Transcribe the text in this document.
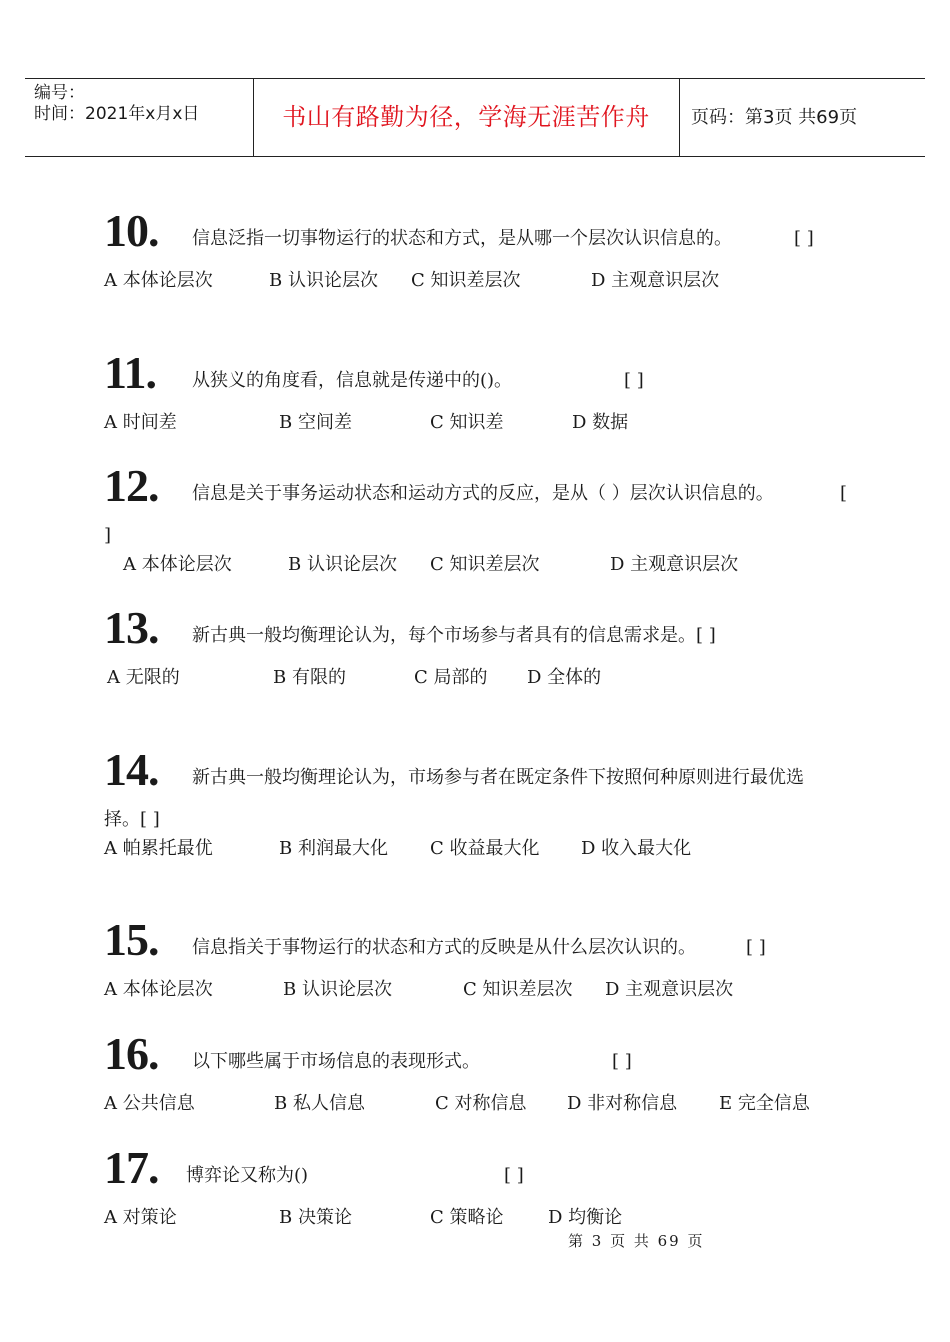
编号：
时间：2021年x月x日	书山有路勤为径，学海无涯苦作舟	页码：第3页 共69页
10. 信息泛指一切事物运行的状态和方式，是从哪一个层次认识信息的。	[ ]
A 本体论层次	B 认识论层次 C 知识差层次	D 主观意识层次
11. 从狭义的角度看，信息就是传递中的()。	[ ]
A 时间差	B 空间差	C 知识差	D 数据
12. 信息是关于事务运动状态和运动方式的反应，是从（ ）层次认识信息的。	[
]
A 本体论层次	B 认识论层次 C 知识差层次	D 主观意识层次
13. 新古典一般均衡理论认为，每个市场参与者具有的信息需求是。[ ]
A 无限的	B 有限的	C 局部的 D 全体的
14. 新古典一般均衡理论认为，市场参与者在既定条件下按照何种原则进行最优选
择。[ ]
A 帕累托最优	B 利润最大化 C 收益最大化 D 收入最大化
15. 信息指关于事物运行的状态和方式的反映是从什么层次认识的。	[ ]
A 本体论层次	B 认识论层次	C 知识差层次 D 主观意识层次
16. 以下哪些属于市场信息的表现形式。	[ ]
A 公共信息	B 私人信息	C 对称信息 D 非对称信息 E 完全信息
17. 博弈论又称为()	[ ]
A 对策论	B 决策论	C 策略论 D 均衡论
第 3 页 共 69 页
